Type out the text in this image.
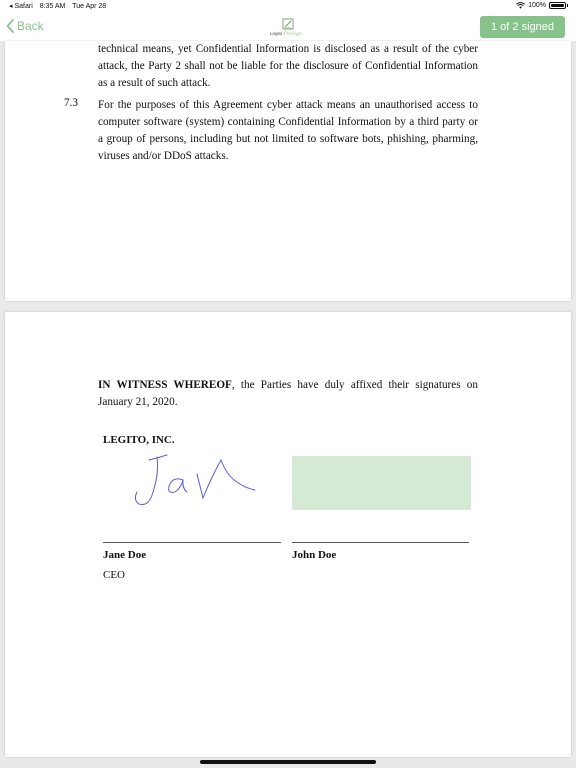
◂ Safari 8:35 AM Tue Apr 28	100%
Back
Legito PreSign
1 of 2 signed
technical means, yet Confidential Information is disclosed as a result of the cyber attack, the Party 2 shall not be liable for the disclosure of Confidential Information as a result of such attack.
7.3 For the purposes of this Agreement cyber attack means an unauthorised access to computer software (system) containing Confidential Information by a third party or a group of persons, including but not limited to software bots, phishing, pharming, viruses and/or DDoS attacks.
IN WITNESS WHEREOF, the Parties have duly affixed their signatures on January 21, 2020.
LEGITO, INC.
Jane Doe	John Doe
CEO
